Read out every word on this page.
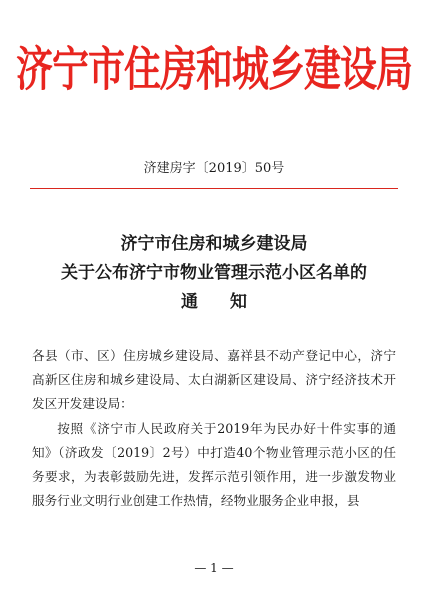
济宁市住房和城乡建设局
济建房字〔2019〕50号
济宁市住房和城乡建设局
关于公布济宁市物业管理示范小区名单的
通知

各县（市、区）住房城乡建设局、嘉祥县不动产登记中心，济宁高新区住房和城乡建设局、太白湖新区建设局、济宁经济技术开发区开发建设局：

按照《济宁市人民政府关于2019年为民办好十件实事的通知》（济政发〔2019〕2号）中打造40个物业管理示范小区的任务要求，为表彰鼓励先进，发挥示范引领作用，进一步激发物业服务行业文明行业创建工作热情，经物业服务企业申报，县

— 1 —
